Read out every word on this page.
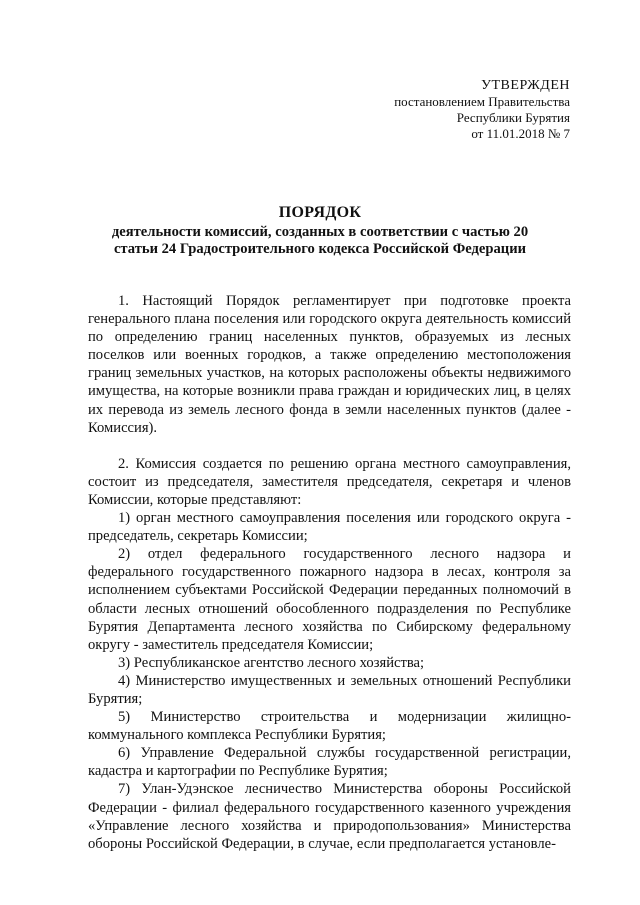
УТВЕРЖДЕН
постановлением Правительства
Республики Бурятия
от 11.01.2018 № 7
ПОРЯДОК
деятельности комиссий, созданных в соответствии с частью 20
статьи 24 Градостроительного кодекса Российской Федерации

1. Настоящий Порядок регламентирует при подготовке проекта генерального плана поселения или городского округа деятельность комиссий по определению границ населенных пунктов, образуемых из лесных поселков или военных городков, а также определению местоположения границ земельных участков, на которых расположены объекты недвижимого имущества, на которые возникли права граждан и юридических лиц, в целях их перевода из земель лесного фонда в земли населенных пунктов (далее - Комиссия).

2. Комиссия создается по решению органа местного самоуправления, состоит из председателя, заместителя председателя, секретаря и членов Комиссии, которые представляют:

1) орган местного самоуправления поселения или городского округа - председатель, секретарь Комиссии;

2) отдел федерального государственного лесного надзора и федерального государственного пожарного надзора в лесах, контроля за исполнением субъектами Российской Федерации переданных полномочий в области лесных отношений обособленного подразделения по Республике Бурятия Департамента лесного хозяйства по Сибирскому федеральному округу - заместитель председателя Комиссии;

3) Республиканское агентство лесного хозяйства;

4) Министерство имущественных и земельных отношений Республики Бурятия;

5) Министерство строительства и модернизации жилищно-коммунального комплекса Республики Бурятия;

6) Управление Федеральной службы государственной регистрации, кадастра и картографии по Республике Бурятия;

7) Улан-Удэнское лесничество Министерства обороны Российской Федерации - филиал федерального государственного казенного учреждения «Управление лесного хозяйства и природопользования» Министерства обороны Российской Федерации, в случае, если предполагается установле-
